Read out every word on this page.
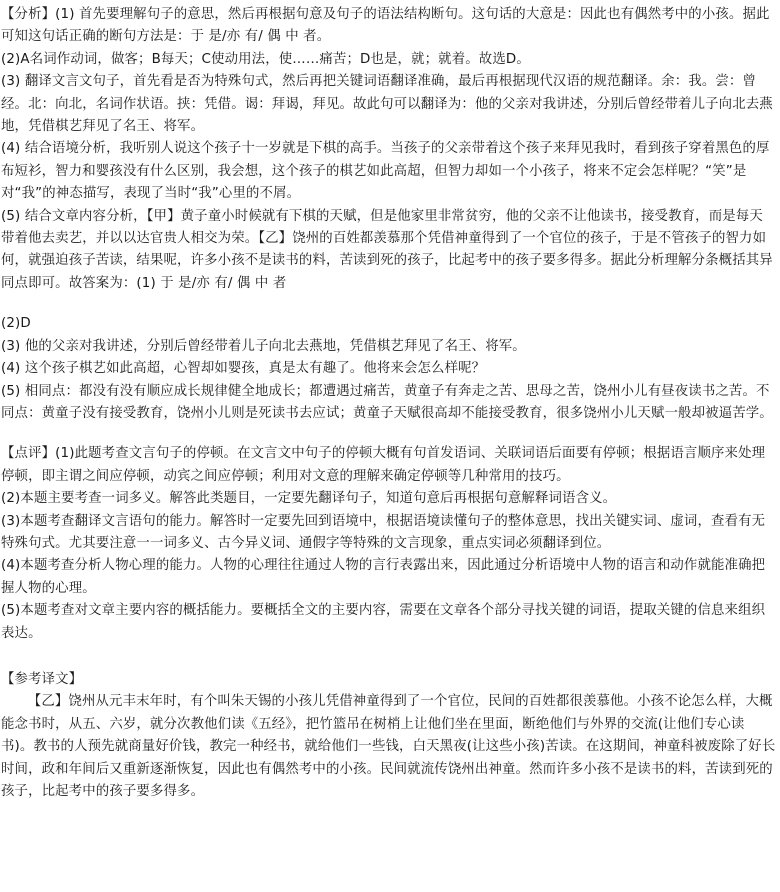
【分析】(1) 首先要理解句子的意思，然后再根据句意及句子的语法结构断句。这句话的大意是：因此也有偶然考中的小孩。据此可知这句话正确的断句方法是：于 是/亦 有/ 偶 中 者。

(2)A名词作动词，做客；B每天；C使动用法，使……痛苦；D也是，就；就着。故选D。

(3) 翻译文言文句子，首先看是否为特殊句式，然后再把关键词语翻译准确，最后再根据现代汉语的规范翻译。余：我。尝：曾经。北：向北，名词作状语。挟：凭借。谒：拜谒，拜见。故此句可以翻译为：他的父亲对我讲述，分别后曾经带着儿子向北去燕地，凭借棋艺拜见了名王、将军。

(4) 结合语境分析，我听别人说这个孩子十一岁就是下棋的高手。当孩子的父亲带着这个孩子来拜见我时，看到孩子穿着黑色的厚布短衫，智力和婴孩没有什么区别，我会想，这个孩子的棋艺如此高超，但智力却如一个小孩子，将来不定会怎样呢？“笑”是对“我”的神态描写，表现了当时“我”心里的不屑。

(5) 结合文章内容分析，【甲】黄子童小时候就有下棋的天赋，但是他家里非常贫穷，他的父亲不让他读书，接受教育，而是每天带着他去卖艺，并以以达官贵人相交为荣。【乙】饶州的百姓都羡慕那个凭借神童得到了一个官位的孩子，于是不管孩子的智力如何，就强迫孩子苦读，结果呢，许多小孩不是读书的料，苦读到死的孩子，比起考中的孩子要多得多。据此分析理解分条概括其异同点即可。故答案为：(1) 于 是/亦 有/ 偶 中 者

(2)D

(3) 他的父亲对我讲述，分别后曾经带着儿子向北去燕地，凭借棋艺拜见了名王、将军。

(4) 这个孩子棋艺如此高超，心智却如婴孩，真是太有趣了。他将来会怎么样呢？

(5) 相同点：都没有没有顺应成长规律健全地成长；都遭遇过痛苦，黄童子有奔走之苦、思母之苦，饶州小儿有昼夜读书之苦。不同点：黄童子没有接受教育，饶州小儿则是死读书去应试；黄童子天赋很高却不能接受教育，很多饶州小儿天赋一般却被逼苦学。

【点评】(1)此题考查文言句子的停顿。在文言文中句子的停顿大概有句首发语词、关联词语后面要有停顿；根据语言顺序来处理停顿，即主谓之间应停顿，动宾之间应停顿；利用对文意的理解来确定停顿等几种常用的技巧。

(2)本题主要考查一词多义。解答此类题目，一定要先翻译句子，知道句意后再根据句意解释词语含义。

(3)本题考查翻译文言语句的能力。解答时一定要先回到语境中，根据语境读懂句子的整体意思，找出关键实词、虚词，查看有无特殊句式。尤其要注意一一词多义、古今异义词、通假字等特殊的文言现象，重点实词必须翻译到位。

(4)本题考查分析人物心理的能力。人物的心理往往通过人物的言行表露出来，因此通过分析语境中人物的语言和动作就能准确把握人物的心理。

(5)本题考查对文章主要内容的概括能力。要概括全文的主要内容，需要在文章各个部分寻找关键的词语，提取关键的信息来组织表达。

【参考译文】

【乙】饶州从元丰末年时，有个叫朱天锡的小孩儿凭借神童得到了一个官位，民间的百姓都很羡慕他。小孩不论怎么样，大概能念书时，从五、六岁，就分次教他们读《五经》，把竹篮吊在树梢上让他们坐在里面，断绝他们与外界的交流(让他们专心读书)。教书的人预先就商量好价钱，教完一种经书，就给他们一些钱，白天黑夜(让这些小孩)苦读。在这期间，神童科被废除了好长时间，政和年间后又重新逐渐恢复，因此也有偶然考中的小孩。民间就流传饶州出神童。然而许多小孩不是读书的料，苦读到死的孩子，比起考中的孩子要多得多。
